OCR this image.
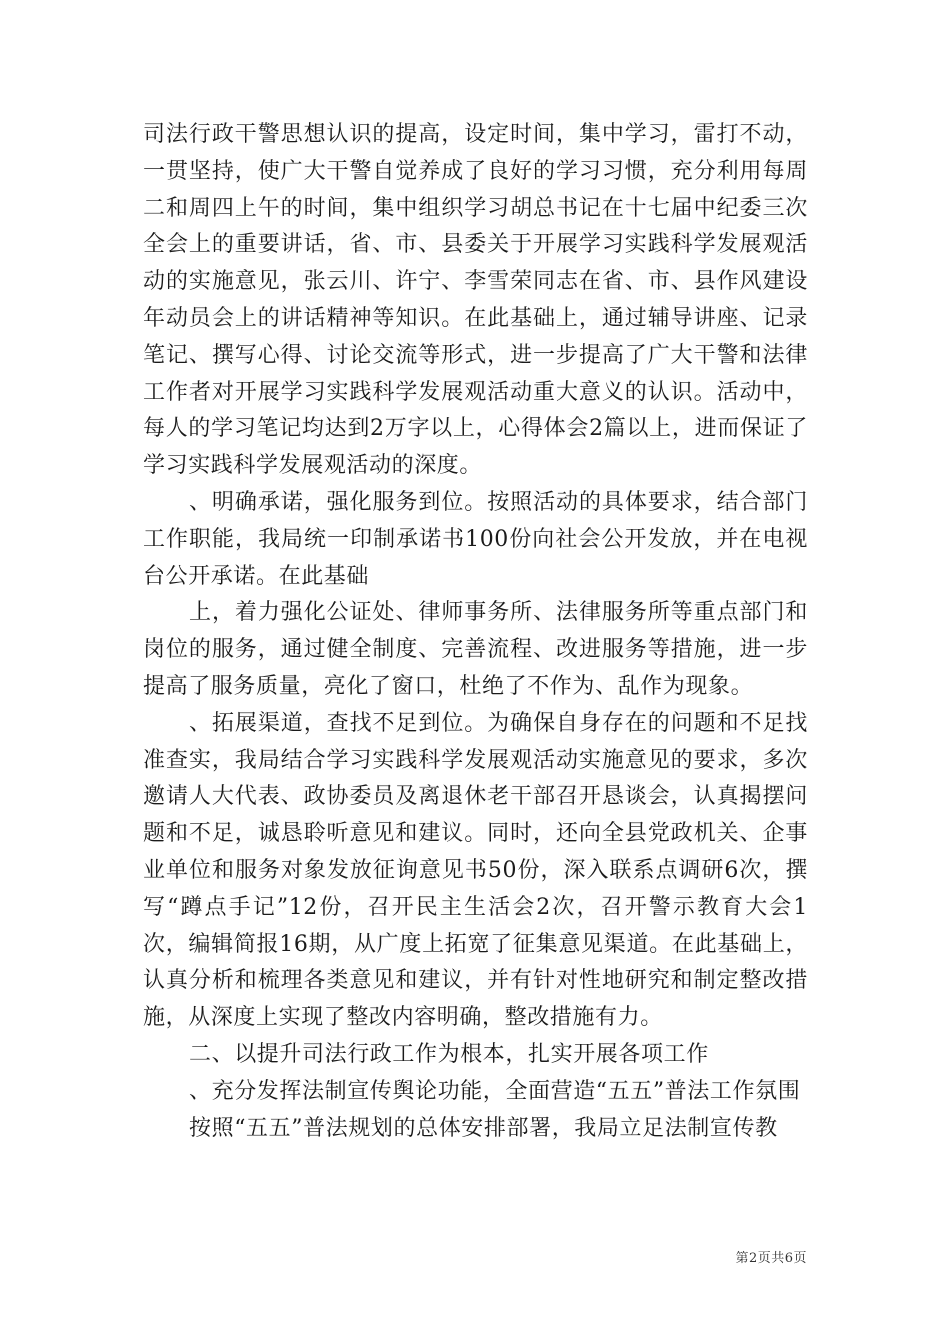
司法行政干警思想认识的提高，设定时间，集中学习，雷打不动，一贯坚持，使广大干警自觉养成了良好的学习习惯，充分利用每周二和周四上午的时间，集中组织学习胡总书记在十七届中纪委三次全会上的重要讲话，省、市、县委关于开展学习实践科学发展观活动的实施意见，张云川、许宁、李雪荣同志在省、市、县作风建设年动员会上的讲话精神等知识。在此基础上，通过辅导讲座、记录笔记、撰写心得、讨论交流等形式，进一步提高了广大干警和法律工作者对开展学习实践科学发展观活动重大意义的认识。活动中，每人的学习笔记均达到2万字以上，心得体会2篇以上，进而保证了学习实践科学发展观活动的深度。

、明确承诺，强化服务到位。按照活动的具体要求，结合部门工作职能，我局统一印制承诺书100份向社会公开发放，并在电视台公开承诺。在此基础

上，着力强化公证处、律师事务所、法律服务所等重点部门和岗位的服务，通过健全制度、完善流程、改进服务等措施，进一步提高了服务质量，亮化了窗口，杜绝了不作为、乱作为现象。

、拓展渠道，查找不足到位。为确保自身存在的问题和不足找准查实，我局结合学习实践科学发展观活动实施意见的要求，多次邀请人大代表、政协委员及离退休老干部召开恳谈会，认真揭摆问题和不足，诚恳聆听意见和建议。同时，还向全县党政机关、企事业单位和服务对象发放征询意见书50份，深入联系点调研6次，撰写“蹲点手记”12份，召开民主生活会2次，召开警示教育大会1次，编辑简报16期，从广度上拓宽了征集意见渠道。在此基础上，认真分析和梳理各类意见和建议，并有针对性地研究和制定整改措施，从深度上实现了整改内容明确，整改措施有力。

二、以提升司法行政工作为根本，扎实开展各项工作

、充分发挥法制宣传舆论功能，全面营造“五五”普法工作氛围

按照“五五”普法规划的总体安排部署，我局立足法制宣传教

第2页共6页
